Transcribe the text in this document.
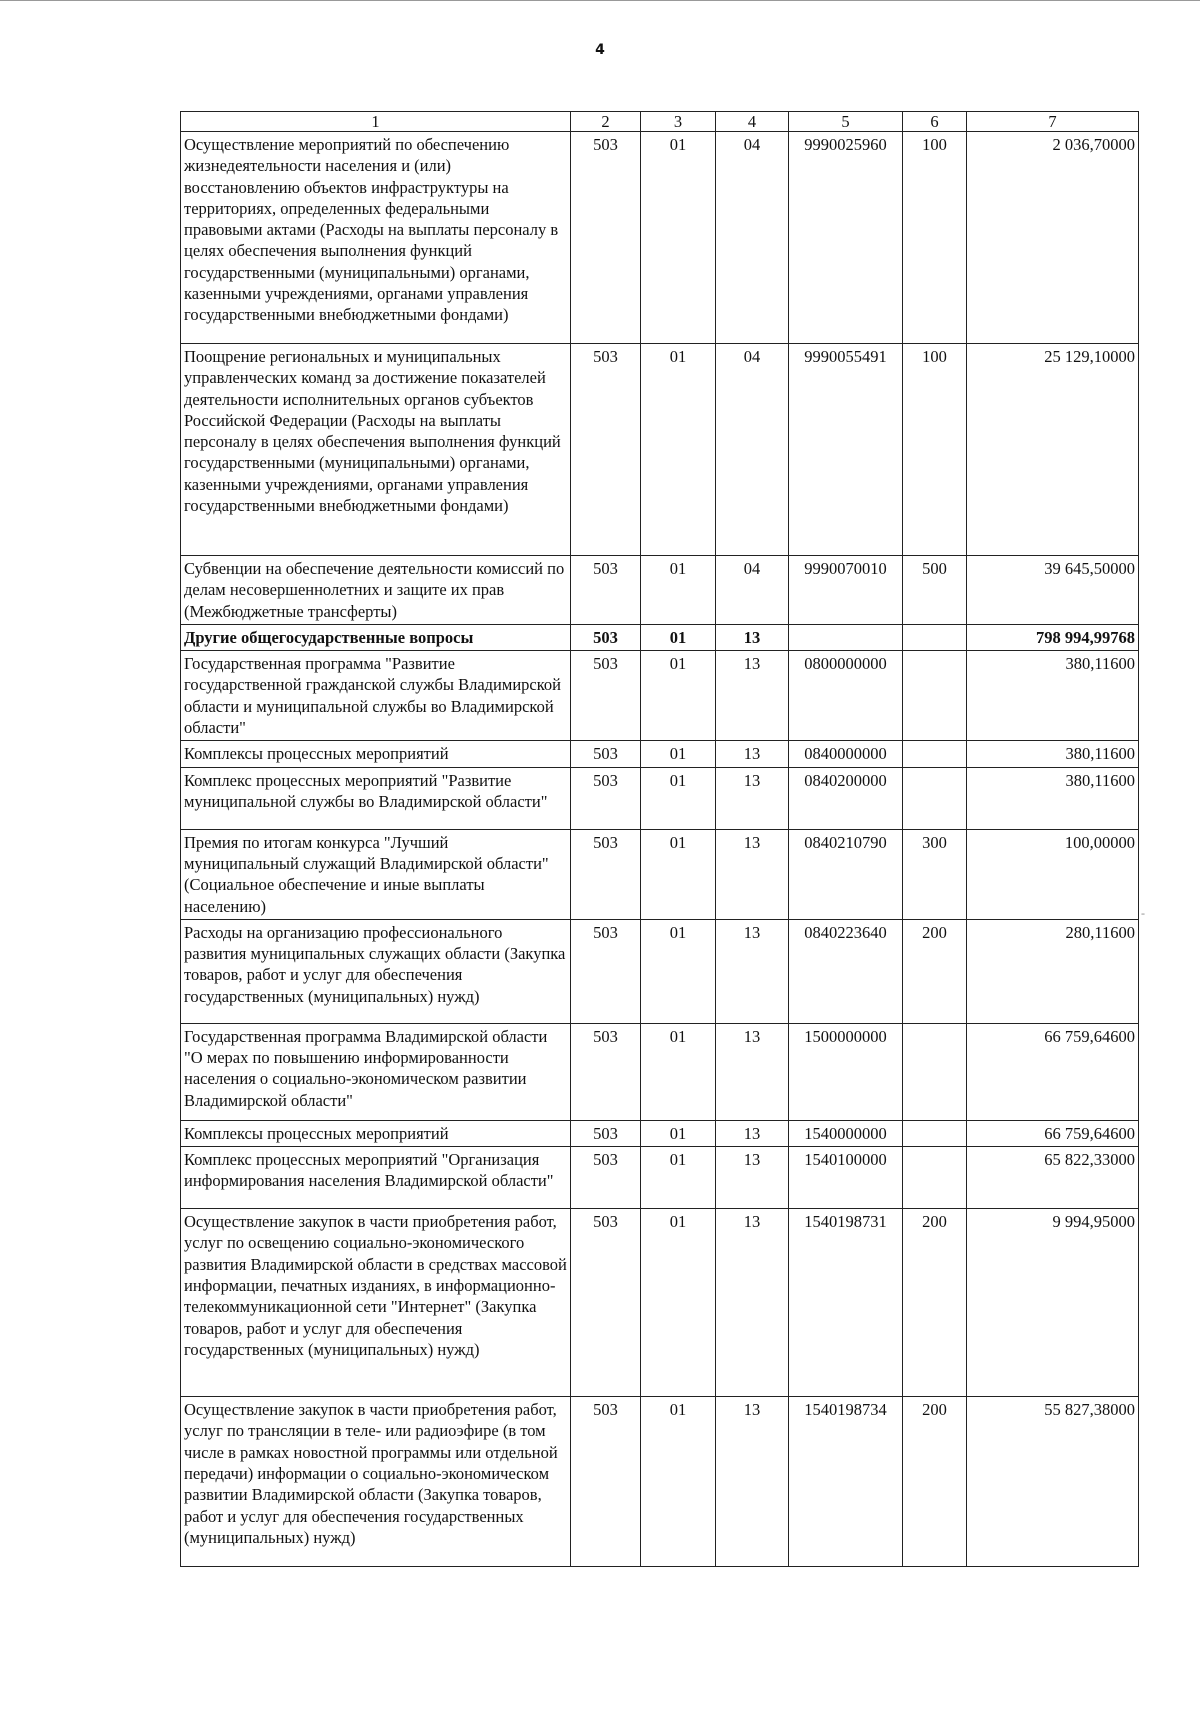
4
1	2	3	4	5	6	7
Осуществление мероприятий по обеспечению жизнедеятельности населения и (или) восстановлению объектов инфраструктуры на территориях, определенных федеральными правовыми актами (Расходы на выплаты персоналу в целях обеспечения выполнения функций государственными (муниципальными) органами, казенными учреждениями, органами управления государственными внебюджетными фондами)	503	01	04	9990025960	100	2 036,70000
Поощрение региональных и муниципальных управленческих команд за достижение показателей деятельности исполнительных органов субъектов Российской Федерации (Расходы на выплаты персоналу в целях обеспечения выполнения функций государственными (муниципальными) органами, казенными учреждениями, органами управления государственными внебюджетными фондами)	503	01	04	9990055491	100	25 129,10000
Субвенции на обеспечение деятельности комиссий по делам несовершеннолетних и защите их прав (Межбюджетные трансферты)	503	01	04	9990070010	500	39 645,50000
Другие общегосударственные вопросы	503	01	13			798 994,99768
Государственная программа "Развитие государственной гражданской службы Владимирской области и муниципальной службы во Владимирской области"	503	01	13	0800000000		380,11600
Комплексы процессных мероприятий	503	01	13	0840000000		380,11600
Комплекс процессных мероприятий "Развитие муниципальной службы во Владимирской области"	503	01	13	0840200000		380,11600
Премия по итогам конкурса "Лучший муниципальный служащий Владимирской области" (Социальное обеспечение и иные выплаты населению)	503	01	13	0840210790	300	100,00000
Расходы на организацию профессионального развития муниципальных служащих области (Закупка товаров, работ и услуг для обеспечения государственных (муниципальных) нужд)	503	01	13	0840223640	200	280,11600
Государственная программа Владимирской области "О мерах по повышению информированности населения о социально-экономическом развитии Владимирской области"	503	01	13	1500000000		66 759,64600
Комплексы процессных мероприятий	503	01	13	1540000000		66 759,64600
Комплекс процессных мероприятий "Организация информирования населения Владимирской области"	503	01	13	1540100000		65 822,33000
Осуществление закупок в части приобретения работ, услуг по освещению социально-экономического развития Владимирской области в средствах массовой информации, печатных изданиях, в информационно-телекоммуникационной сети "Интернет" (Закупка товаров, работ и услуг для обеспечения государственных (муниципальных) нужд)	503	01	13	1540198731	200	9 994,95000
Осуществление закупок в части приобретения работ, услуг по трансляции в теле- или радиоэфире (в том числе в рамках новостной программы или отдельной передачи) информации о социально-экономическом развитии Владимирской области (Закупка товаров, работ и услуг для обеспечения государственных (муниципальных) нужд)	503	01	13	1540198734	200	55 827,38000
-
